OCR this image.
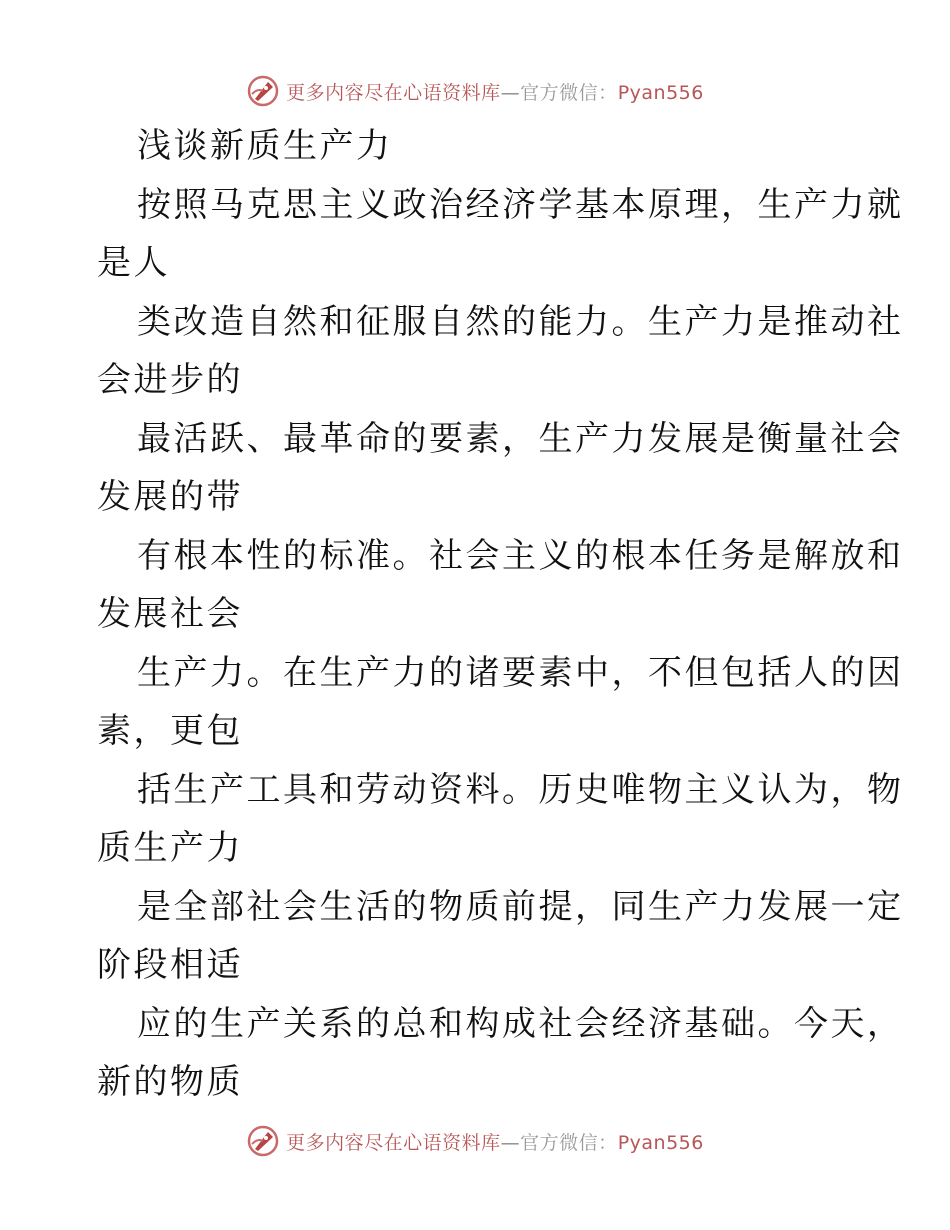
更多内容尽在心语资料库—官方微信：Pyan556
浅谈新质生产力
按照马克思主义政治经济学基本原理，生产力就
是人
类改造自然和征服自然的能力。生产力是推动社
会进步的
最活跃、最革命的要素，生产力发展是衡量社会
发展的带
有根本性的标准。社会主义的根本任务是解放和
发展社会
生产力。在生产力的诸要素中，不但包括人的因
素，更包
括生产工具和劳动资料。历史唯物主义认为，物
质生产力
是全部社会生活的物质前提，同生产力发展一定
阶段相适
应的生产关系的总和构成社会经济基础。今天，
新的物质
更多内容尽在心语资料库—官方微信：Pyan556
